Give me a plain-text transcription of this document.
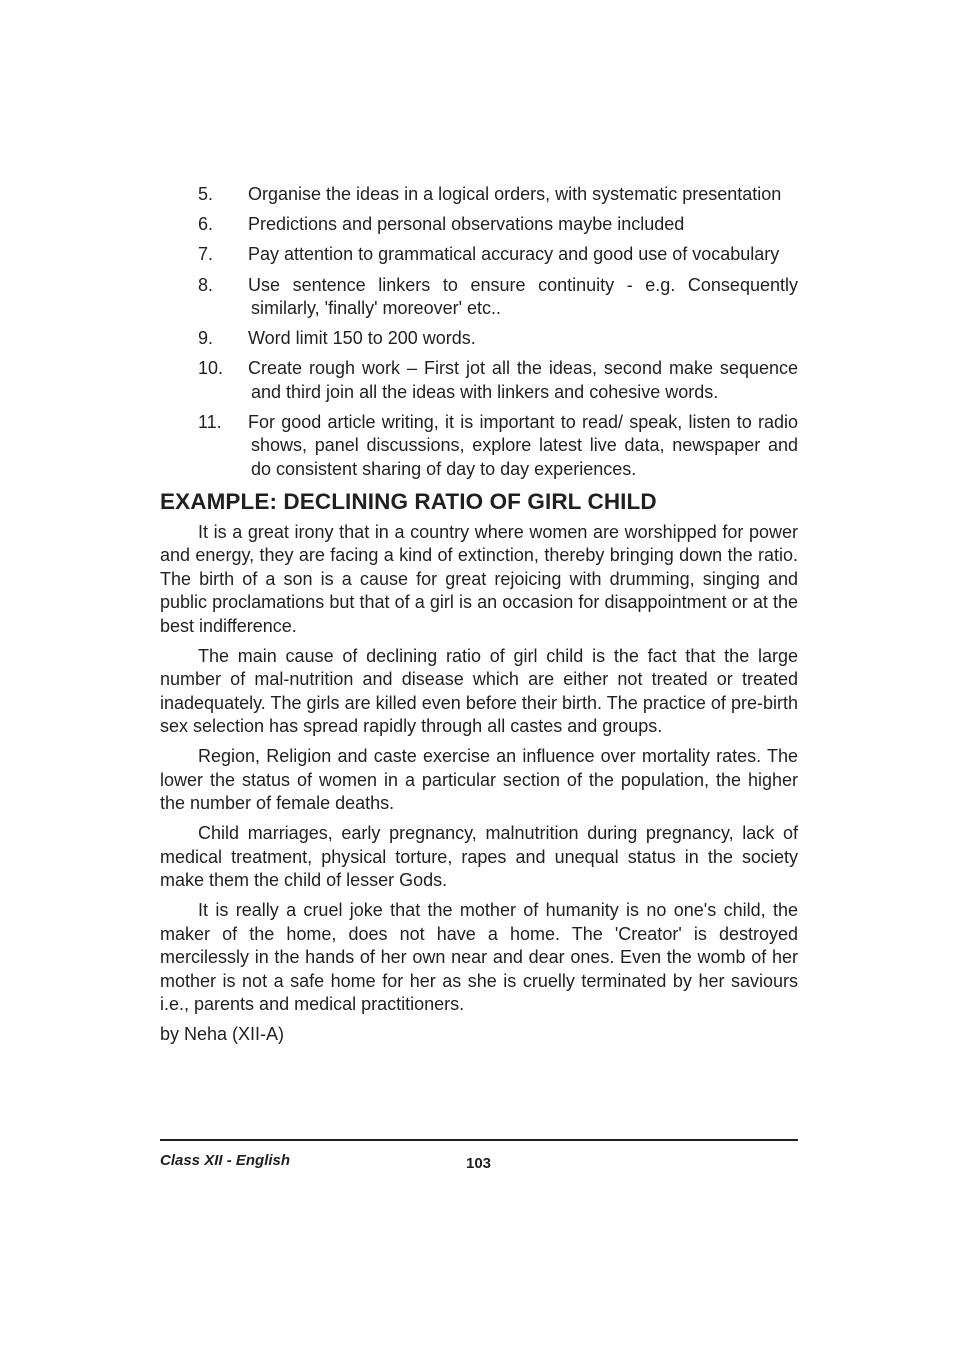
5.	Organise the ideas in a logical orders, with systematic presentation
6.	Predictions and personal observations maybe included
7.	Pay attention to grammatical accuracy and good use of vocabulary
8.	Use sentence linkers to ensure continuity - e.g. Consequently similarly, 'finally' moreover' etc..
9.	Word limit 150 to 200 words.
10.	Create rough work – First jot all the ideas, second make sequence and third join all the ideas with linkers and cohesive words.
11.	For good article writing, it is important to read/ speak, listen to radio shows, panel discussions, explore latest live data, newspaper and do consistent sharing of day to day experiences.
EXAMPLE: DECLINING RATIO OF GIRL CHILD

It is a great irony that in a country where women are worshipped for power and energy, they are facing a kind of extinction, thereby bringing down the ratio. The birth of a son is a cause for great rejoicing with drumming, singing and public proclamations but that of a girl is an occasion for disappointment or at the best indifference.

The main cause of declining ratio of girl child is the fact that the large number of mal-nutrition and disease which are either not treated or treated inadequately. The girls are killed even before their birth. The practice of pre-birth sex selection has spread rapidly through all castes and groups.

Region, Religion and caste exercise an influence over mortality rates. The lower the status of women in a particular section of the population, the higher the number of female deaths.

Child marriages, early pregnancy, malnutrition during pregnancy, lack of medical treatment, physical torture, rapes and unequal status in the society make them the child of lesser Gods.

It is really a cruel joke that the mother of humanity is no one's child, the maker of the home, does not have a home. The 'Creator' is destroyed mercilessly in the hands of her own near and dear ones. Even the womb of her mother is not a safe home for her as she is cruelly terminated by her saviours i.e., parents and medical practitioners.

by Neha (XII-A)

Class XII - English	103
